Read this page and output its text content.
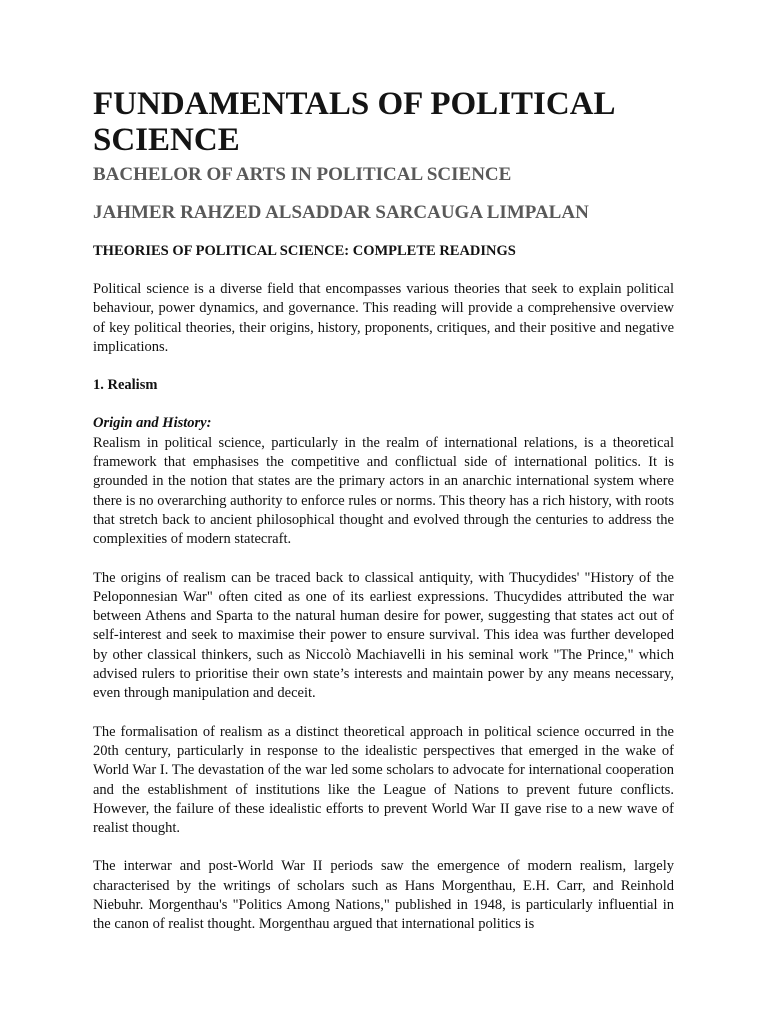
FUNDAMENTALS OF POLITICAL SCIENCE
BACHELOR OF ARTS IN POLITICAL SCIENCE
JAHMER RAHZED ALSADDAR SARCAUGA LIMPALAN
THEORIES OF POLITICAL SCIENCE: COMPLETE READINGS

Political science is a diverse field that encompasses various theories that seek to explain political behaviour, power dynamics, and governance. This reading will provide a comprehensive overview of key political theories, their origins, history, proponents, critiques, and their positive and negative implications.

1. Realism
Origin and History:

Realism in political science, particularly in the realm of international relations, is a theoretical framework that emphasises the competitive and conflictual side of international politics. It is grounded in the notion that states are the primary actors in an anarchic international system where there is no overarching authority to enforce rules or norms. This theory has a rich history, with roots that stretch back to ancient philosophical thought and evolved through the centuries to address the complexities of modern statecraft.

The origins of realism can be traced back to classical antiquity, with Thucydides' "History of the Peloponnesian War" often cited as one of its earliest expressions. Thucydides attributed the war between Athens and Sparta to the natural human desire for power, suggesting that states act out of self-interest and seek to maximise their power to ensure survival. This idea was further developed by other classical thinkers, such as Niccolò Machiavelli in his seminal work "The Prince," which advised rulers to prioritise their own state’s interests and maintain power by any means necessary, even through manipulation and deceit.

The formalisation of realism as a distinct theoretical approach in political science occurred in the 20th century, particularly in response to the idealistic perspectives that emerged in the wake of World War I. The devastation of the war led some scholars to advocate for international cooperation and the establishment of institutions like the League of Nations to prevent future conflicts. However, the failure of these idealistic efforts to prevent World War II gave rise to a new wave of realist thought.

The interwar and post-World War II periods saw the emergence of modern realism, largely characterised by the writings of scholars such as Hans Morgenthau, E.H. Carr, and Reinhold Niebuhr. Morgenthau's "Politics Among Nations," published in 1948, is particularly influential in the canon of realist thought. Morgenthau argued that international politics is
